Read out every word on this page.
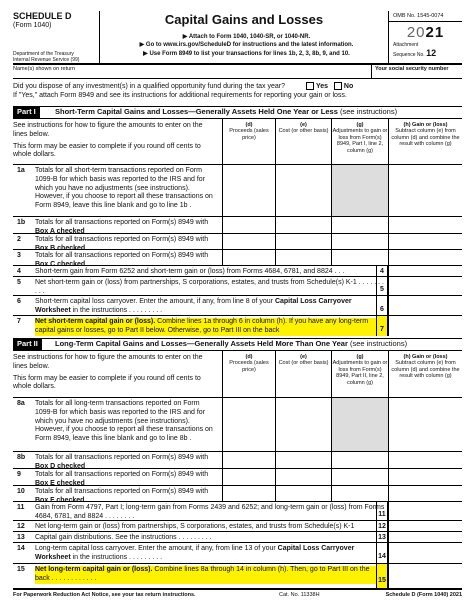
SCHEDULE D
(Form 1040)
Department of the Treasury
Internal Revenue Service (99)
Capital Gains and Losses
▶ Attach to Form 1040, 1040-SR, or 1040-NR.
▶ Go to www.irs.gov/ScheduleD for instructions and the latest information.
▶ Use Form 8949 to list your transactions for lines 1b, 2, 3, 8b, 9, and 10.
OMB No. 1545-0074
2021
Attachment
Sequence No. 12
Name(s) shown on return	Your social security number
Did you dispose of any investment(s) in a qualified opportunity fund during the tax year?
If "Yes," attach Form 8949 and see its instructions for additional requirements for reporting your gain or loss.
Yes No
Part I	Short-Term Capital Gains and Losses—Generally Assets Held One Year or Less (see instructions)
See instructions for how to figure the amounts to enter on the lines below.
This form may be easier to complete if you round off cents to whole dollars.
(d)
Proceeds (sales price)
(e)
Cost (or other basis)
(g)
Adjustments to gain or loss from Form(s) 8949, Part I, line 2, column (g)
(h) Gain or (loss)
Subtract column (e) from column (d) and combine the result with column (g)
1a Totals for all short-term transactions reported on Form 1099-B for which basis was reported to the IRS and for which you have no adjustments (see instructions). However, if you choose to report all these transactions on Form 8949, leave this line blank and go to line 1b .
1b Totals for all transactions reported on Form(s) 8949 with
Box A checked
2 Totals for all transactions reported on Form(s) 8949 with
Box B checked
3 Totals for all transactions reported on Form(s) 8949 with
Box C checked
4 Short-term gain from Form 6252 and short-term gain or (loss) from Forms 4684, 6781, and 8824 . . .	4
5 Net short-term gain or (loss) from partnerships, S corporations, estates, and trusts from Schedule(s) K-1 . . . . . . . . . .	5
6 Short-term capital loss carryover. Enter the amount, if any, from line 8 of your Capital Loss Carryover
Worksheet in the instructions . . . . . . . . .	6
7 Net short-term capital gain or (loss). Combine lines 1a through 6 in column (h). If you have any long-term capital gains or losses, go to Part II below. Otherwise, go to Part III on the back	7
Part II	Long-Term Capital Gains and Losses—Generally Assets Held More Than One Year (see instructions)
See instructions for how to figure the amounts to enter on the lines below.
This form may be easier to complete if you round off cents to whole dollars.
(d)
Proceeds (sales price)
(e)
Cost (or other basis)
(g)
Adjustments to gain or loss from Form(s) 8949, Part II, line 2, column (g)
(h) Gain or (loss)
Subtract column (e) from column (d) and combine the result with column (g)
8a Totals for all long-term transactions reported on Form 1099-B for which basis was reported to the IRS and for which you have no adjustments (see instructions). However, if you choose to report all these transactions on Form 8949, leave this line blank and go to line 8b .
8b Totals for all transactions reported on Form(s) 8949 with
Box D checked
9 Totals for all transactions reported on Form(s) 8949 with
Box E checked
10 Totals for all transactions reported on Form(s) 8949 with
Box F checked
11 Gain from Form 4797, Part I; long-term gain from Forms 2439 and 6252; and long-term gain or (loss) from Forms 4684, 6781, and 8824 . . . . . . . .	11
12 Net long-term gain or (loss) from partnerships, S corporations, estates, and trusts from Schedule(s) K-1	12
13 Capital gain distributions. See the instructions . . . . . . . . .	13
14 Long-term capital loss carryover. Enter the amount, if any, from line 13 of your Capital Loss Carryover
Worksheet in the instructions . . . . . . . . .	14
15 Net long-term capital gain or (loss). Combine lines 8a through 14 in column (h). Then, go to Part III on the back . . . . . . . . . . . .	15
For Paperwork Reduction Act Notice, see your tax return instructions.	Cat. No. 11338H	Schedule D (Form 1040) 2021
